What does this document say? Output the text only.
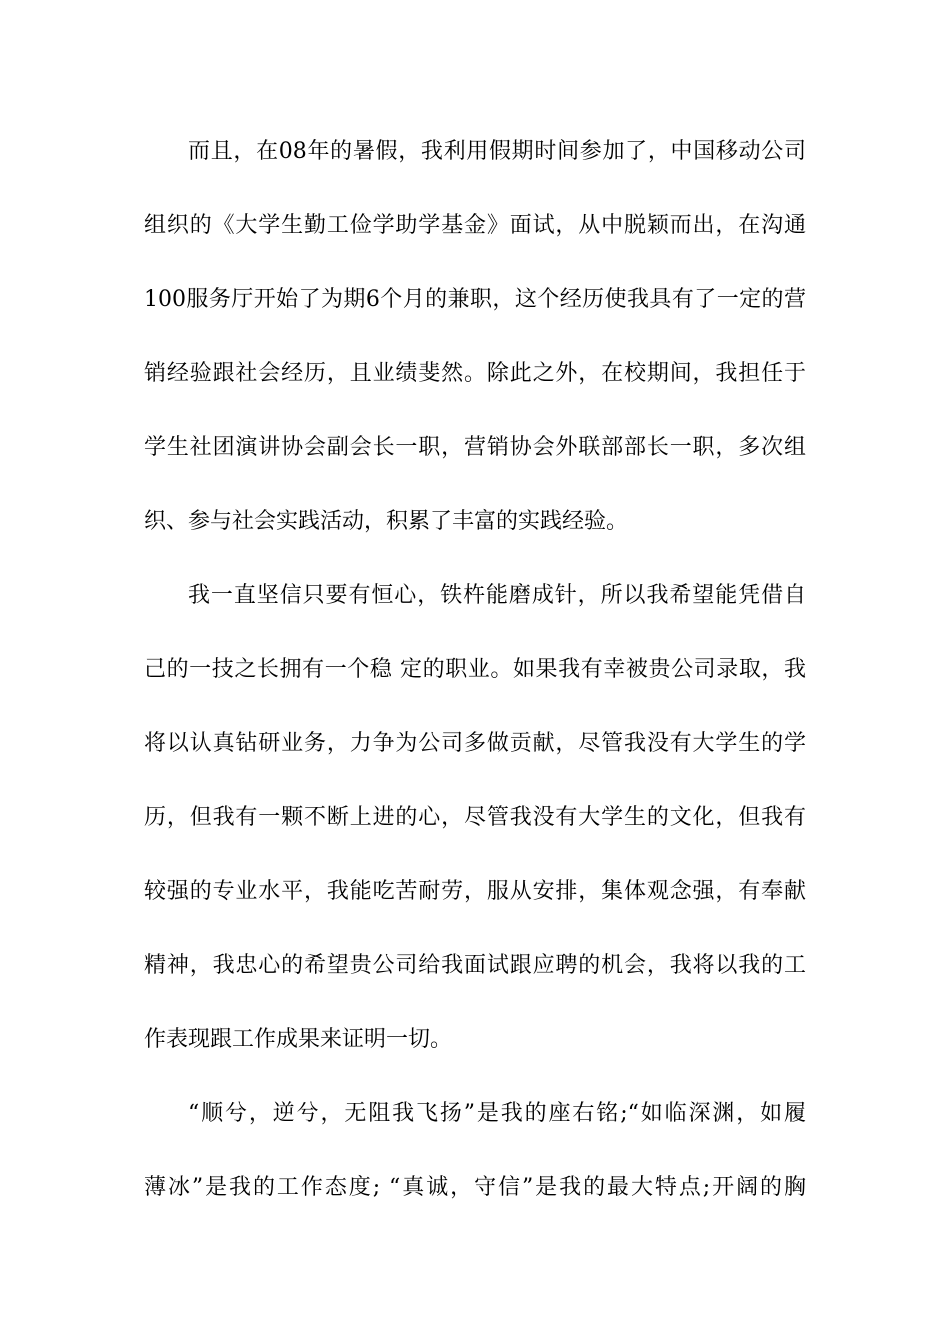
而且，在08年的暑假，我利用假期时间参加了，中国移动公司
组织的《大学生勤工俭学助学基金》面试，从中脱颖而出，在沟通
100服务厅开始了为期6个月的兼职，这个经历使我具有了一定的营
销经验跟社会经历，且业绩斐然。除此之外，在校期间，我担任于
学生社团演讲协会副会长一职，营销协会外联部部长一职，多次组
织、参与社会实践活动，积累了丰富的实践经验。
我一直坚信只要有恒心，铁杵能磨成针，所以我希望能凭借自
己的一技之长拥有一个稳 定的职业。如果我有幸被贵公司录取，我
将以认真钻研业务，力争为公司多做贡献，尽管我没有大学生的学
历，但我有一颗不断上进的心，尽管我没有大学生的文化，但我有
较强的专业水平，我能吃苦耐劳，服从安排，集体观念强，有奉献
精神，我忠心的希望贵公司给我面试跟应聘的机会，我将以我的工
作表现跟工作成果来证明一切。
“顺兮，逆兮，无阻我飞扬”是我的座右铭;“如临深渊，如履
薄冰”是我的工作态度; “真诚，守信”是我的最大特点;开阔的胸
